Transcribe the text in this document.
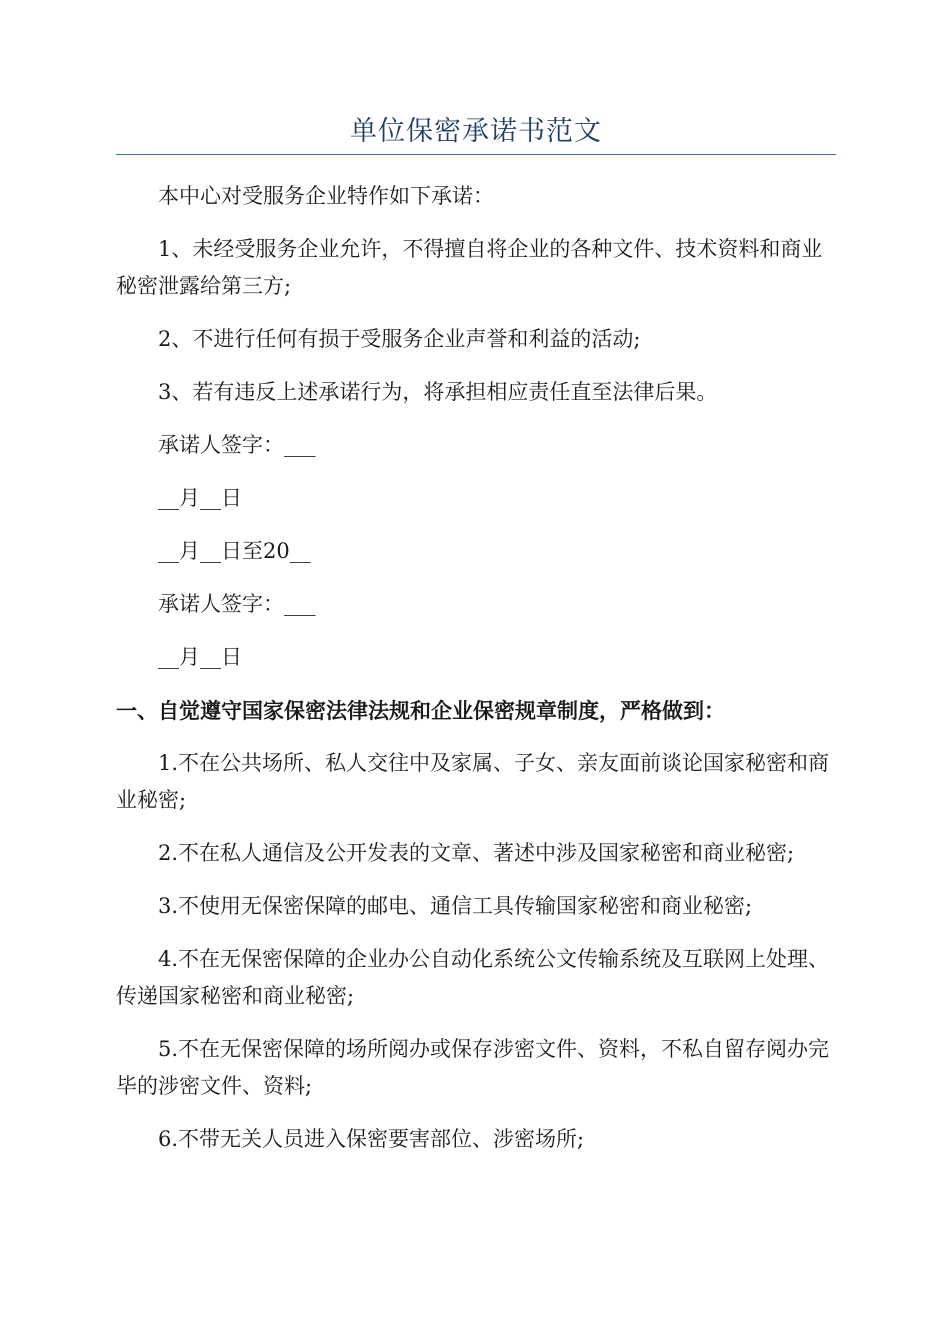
单位保密承诺书范文

本中心对受服务企业特作如下承诺：

1、未经受服务企业允许，不得擅自将企业的各种文件、技术资料和商业秘密泄露给第三方;

2、不进行任何有损于受服务企业声誉和利益的活动;

3、若有违反上述承诺行为，将承担相应责任直至法律后果。

承诺人签字：___

__月__日

__月__日至20__

承诺人签字：___

__月__日

一、自觉遵守国家保密法律法规和企业保密规章制度，严格做到：

1.不在公共场所、私人交往中及家属、子女、亲友面前谈论国家秘密和商业秘密;

2.不在私人通信及公开发表的文章、著述中涉及国家秘密和商业秘密;

3.不使用无保密保障的邮电、通信工具传输国家秘密和商业秘密;

4.不在无保密保障的企业办公自动化系统公文传输系统及互联网上处理、传递国家秘密和商业秘密;

5.不在无保密保障的场所阅办或保存涉密文件、资料，不私自留存阅办完毕的涉密文件、资料;

6.不带无关人员进入保密要害部位、涉密场所;
